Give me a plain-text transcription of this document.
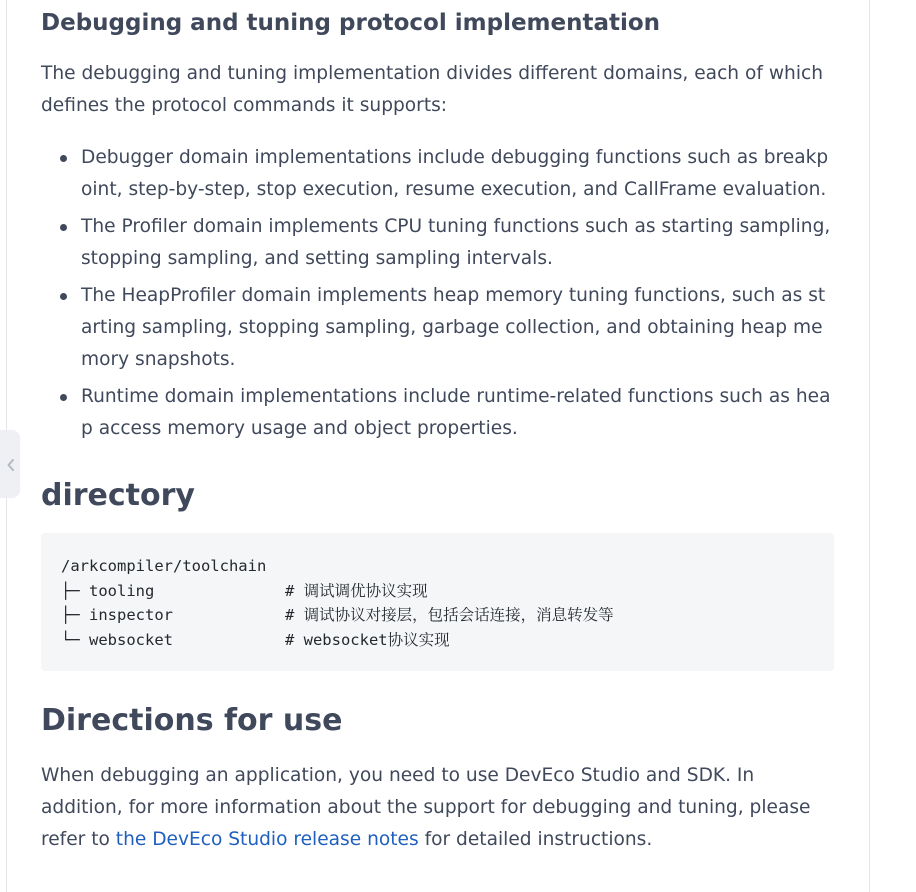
Debugging and tuning protocol implementation

The debugging and tuning implementation divides different domains, each of which defines the protocol commands it supports:

Debugger domain implementations include debugging functions such as breakpoint, step-by-step, stop execution, resume execution, and CallFrame evaluation.
The Profiler domain implements CPU tuning functions such as starting sampling, stopping sampling, and setting sampling intervals.
The HeapProfiler domain implements heap memory tuning functions, such as starting sampling, stopping sampling, garbage collection, and obtaining heap memory snapshots.
Runtime domain implementations include runtime-related functions such as heap access memory usage and object properties.
directory
/arkcompiler/toolchain
├─ tooling              # 调试调优协议实现
├─ inspector            # 调试协议对接层，包括会话连接，消息转发等
└─ websocket            # websocket协议实现
Directions for use

When debugging an application, you need to use DevEco Studio and SDK. In addition, for more information about the support for debugging and tuning, please refer to the DevEco Studio release notes for detailed instructions.
